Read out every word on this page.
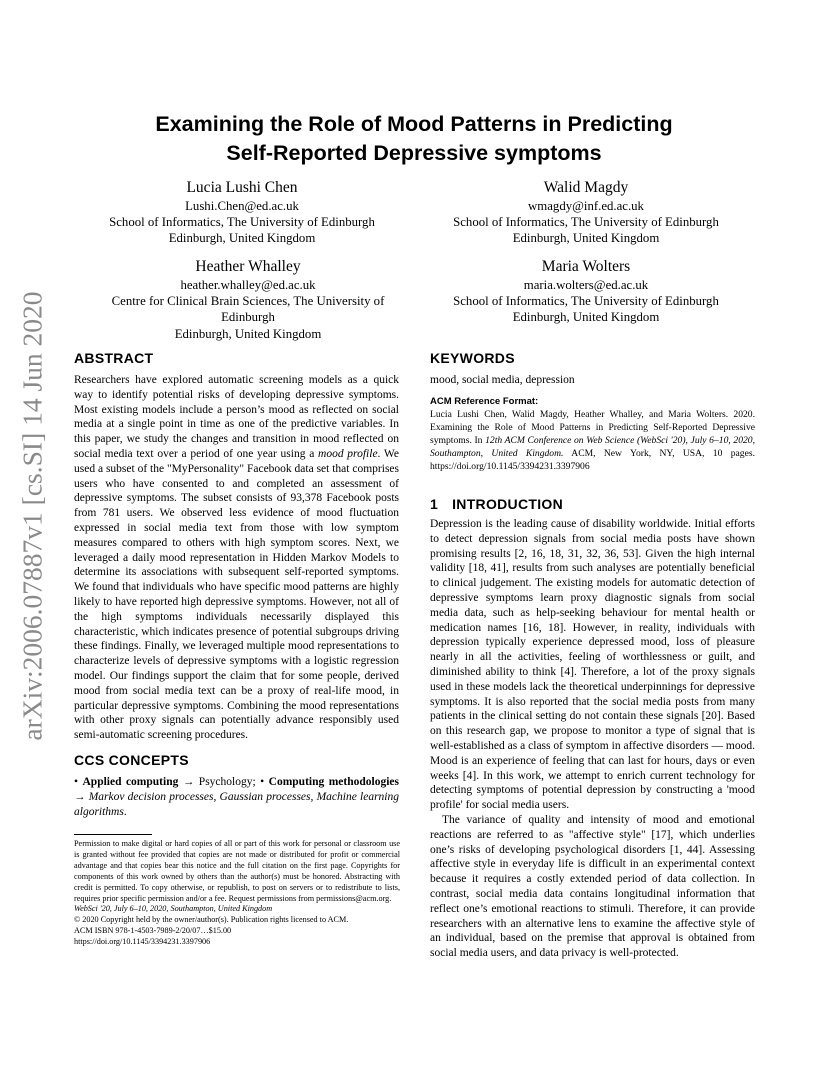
arXiv:2006.07887v1 [cs.SI] 14 Jun 2020
Examining the Role of Mood Patterns in Predicting
Self-Reported Depressive symptoms
Lucia Lushi Chen
Lushi.Chen@ed.ac.uk
School of Informatics, The University of Edinburgh
Edinburgh, United Kingdom
Walid Magdy
wmagdy@inf.ed.ac.uk
School of Informatics, The University of Edinburgh
Edinburgh, United Kingdom
Heather Whalley
heather.whalley@ed.ac.uk
Centre for Clinical Brain Sciences, The University of
Edinburgh
Edinburgh, United Kingdom
Maria Wolters
maria.wolters@ed.ac.uk
School of Informatics, The University of Edinburgh
Edinburgh, United Kingdom
ABSTRACT

Researchers have explored automatic screening models as a quick way to identify potential risks of developing depressive symptoms. Most existing models include a person’s mood as reflected on social media at a single point in time as one of the predictive variables. In this paper, we study the changes and transition in mood reflected on social media text over a period of one year using a mood profile. We used a subset of the "MyPersonality" Facebook data set that comprises users who have consented to and completed an assessment of depressive symptoms. The subset consists of 93,378 Facebook posts from 781 users. We observed less evidence of mood fluctuation expressed in social media text from those with low symptom measures compared to others with high symptom scores. Next, we leveraged a daily mood representation in Hidden Markov Models to determine its associations with subsequent self-reported symptoms. We found that individuals who have specific mood patterns are highly likely to have reported high depressive symptoms. However, not all of the high symptoms individuals necessarily displayed this characteristic, which indicates presence of potential subgroups driving these findings. Finally, we leveraged multiple mood representations to characterize levels of depressive symptoms with a logistic regression model. Our findings support the claim that for some people, derived mood from social media text can be a proxy of real-life mood, in particular depressive symptoms. Combining the mood representations with other proxy signals can potentially advance responsibly used semi-automatic screening procedures.

CCS CONCEPTS

• Applied computing → Psychology; • Computing methodologies → Markov decision processes, Gaussian processes, Machine learning algorithms.

Permission to make digital or hard copies of all or part of this work for personal or classroom use is granted without fee provided that copies are not made or distributed for profit or commercial advantage and that copies bear this notice and the full citation on the first page. Copyrights for components of this work owned by others than the author(s) must be honored. Abstracting with credit is permitted. To copy otherwise, or republish, to post on servers or to redistribute to lists, requires prior specific permission and/or a fee. Request permissions from permissions@acm.org.
WebSci '20, July 6–10, 2020, Southampton, United Kingdom
© 2020 Copyright held by the owner/author(s). Publication rights licensed to ACM.
ACM ISBN 978-1-4503-7989-2/20/07…$15.00
https://doi.org/10.1145/3394231.3397906
KEYWORDS

mood, social media, depression

ACM Reference Format:

Lucia Lushi Chen, Walid Magdy, Heather Whalley, and Maria Wolters. 2020. Examining the Role of Mood Patterns in Predicting Self-Reported Depressive symptoms. In 12th ACM Conference on Web Science (WebSci '20), July 6–10, 2020, Southampton, United Kingdom. ACM, New York, NY, USA, 10 pages. https://doi.org/10.1145/3394231.3397906

1 INTRODUCTION

Depression is the leading cause of disability worldwide. Initial efforts to detect depression signals from social media posts have shown promising results [2, 16, 18, 31, 32, 36, 53]. Given the high internal validity [18, 41], results from such analyses are potentially beneficial to clinical judgement. The existing models for automatic detection of depressive symptoms learn proxy diagnostic signals from social media data, such as help-seeking behaviour for mental health or medication names [16, 18]. However, in reality, individuals with depression typically experience depressed mood, loss of pleasure nearly in all the activities, feeling of worthlessness or guilt, and diminished ability to think [4]. Therefore, a lot of the proxy signals used in these models lack the theoretical underpinnings for depressive symptoms. It is also reported that the social media posts from many patients in the clinical setting do not contain these signals [20]. Based on this research gap, we propose to monitor a type of signal that is well-established as a class of symptom in affective disorders — mood. Mood is an experience of feeling that can last for hours, days or even weeks [4]. In this work, we attempt to enrich current technology for detecting symptoms of potential depression by constructing a 'mood profile' for social media users.

The variance of quality and intensity of mood and emotional reactions are referred to as "affective style" [17], which underlies one’s risks of developing psychological disorders [1, 44]. Assessing affective style in everyday life is difficult in an experimental context because it requires a costly extended period of data collection. In contrast, social media data contains longitudinal information that reflect one’s emotional reactions to stimuli. Therefore, it can provide researchers with an alternative lens to examine the affective style of an individual, based on the premise that approval is obtained from social media users, and data privacy is well-protected.
